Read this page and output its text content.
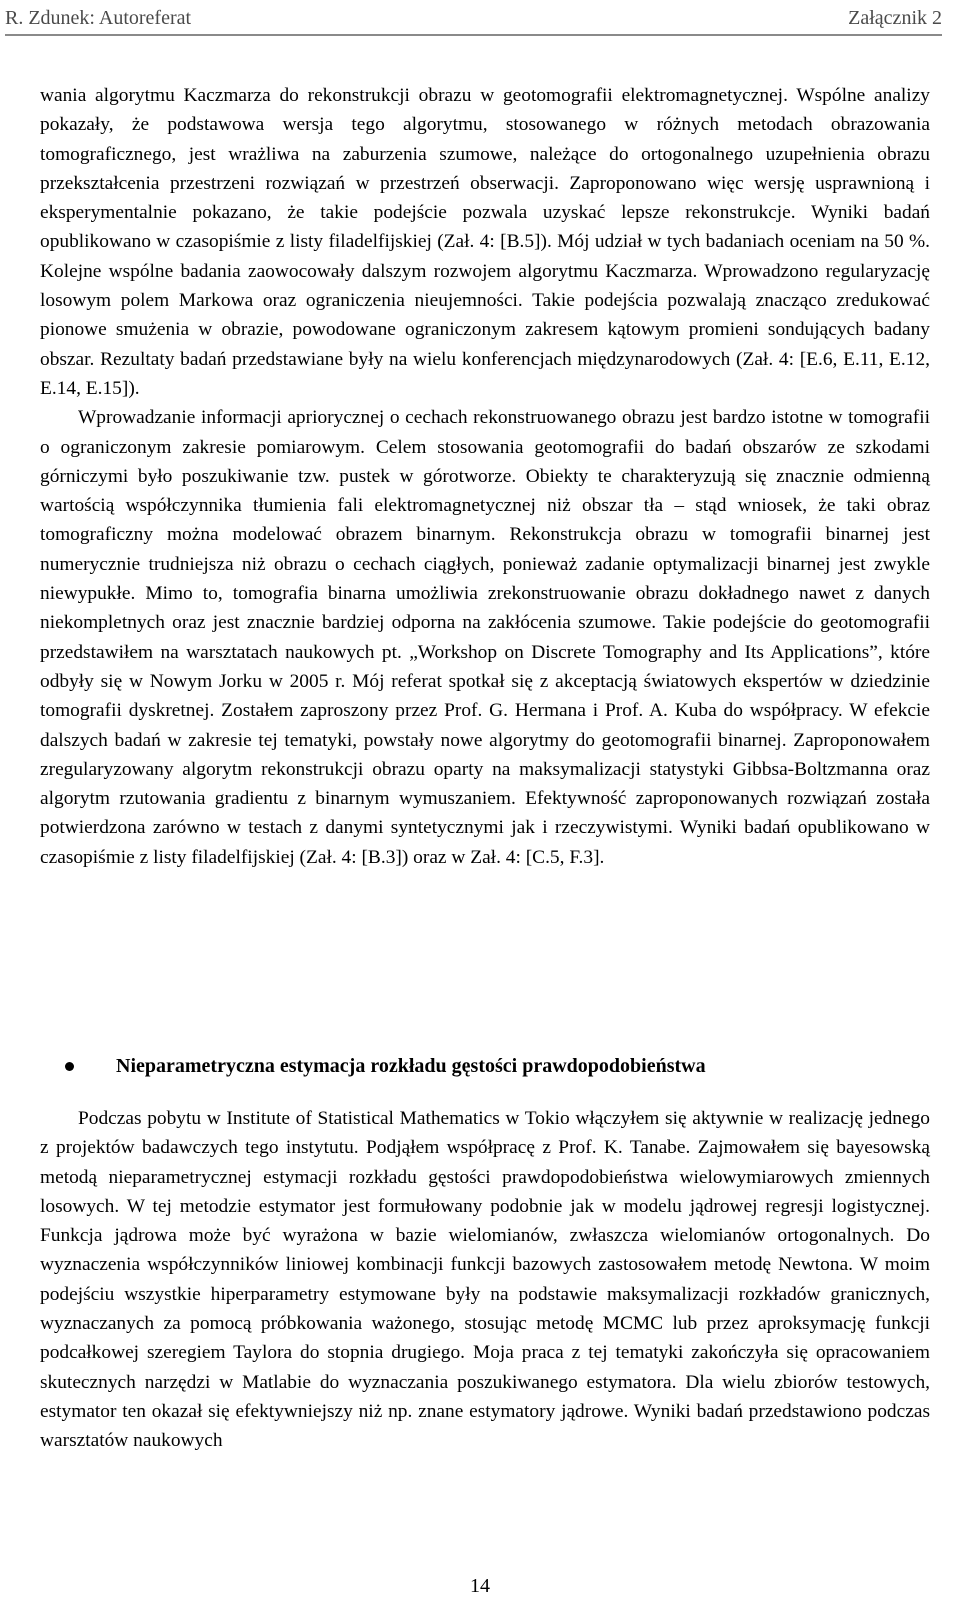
R. Zdunek: Autoreferat	Załącznik 2

wania algorytmu Kaczmarza do rekonstrukcji obrazu w geotomografii elektromagnetycznej. Wspólne analizy pokazały, że podstawowa wersja tego algorytmu, stosowanego w różnych metodach obrazowania tomograficznego, jest wrażliwa na zaburzenia szumowe, należące do ortogonalnego uzupełnienia obrazu przekształcenia przestrzeni rozwiązań w przestrzeń obserwacji. Zaproponowano więc wersję usprawnioną i eksperymentalnie pokazano, że takie podejście pozwala uzyskać lepsze rekonstrukcje. Wyniki badań opublikowano w czasopiśmie z listy filadelfijskiej (Zał. 4: [B.5]). Mój udział w tych badaniach oceniam na 50 %. Kolejne wspólne badania zaowocowały dalszym rozwojem algorytmu Kaczmarza. Wprowadzono regularyzację losowym polem Markowa oraz ograniczenia nieujemności. Takie podejścia pozwalają znacząco zredukować pionowe smużenia w obrazie, powodowane ograniczonym zakresem kątowym promieni sondujących badany obszar. Rezultaty badań przedstawiane były na wielu konferencjach międzynarodowych (Zał. 4: [E.6, E.11, E.12, E.14, E.15]).

Wprowadzanie informacji apriorycznej o cechach rekonstruowanego obrazu jest bardzo istotne w tomografii o ograniczonym zakresie pomiarowym. Celem stosowania geotomografii do badań obszarów ze szkodami górniczymi było poszukiwanie tzw. pustek w górotworze. Obiekty te charakteryzują się znacznie odmienną wartością współczynnika tłumienia fali elektromagnetycznej niż obszar tła – stąd wniosek, że taki obraz tomograficzny można modelować obrazem binarnym. Rekonstrukcja obrazu w tomografii binarnej jest numerycznie trudniejsza niż obrazu o cechach ciągłych, ponieważ zadanie optymalizacji binarnej jest zwykle niewypukłe. Mimo to, tomografia binarna umożliwia zrekonstruowanie obrazu dokładnego nawet z danych niekompletnych oraz jest znacznie bardziej odporna na zakłócenia szumowe. Takie podejście do geotomografii przedstawiłem na warsztatach naukowych pt. „Workshop on Discrete Tomography and Its Applications”, które odbyły się w Nowym Jorku w 2005 r. Mój referat spotkał się z akceptacją światowych ekspertów w dziedzinie tomografii dyskretnej. Zostałem zaproszony przez Prof. G. Hermana i Prof. A. Kuba do współpracy. W efekcie dalszych badań w zakresie tej tematyki, powstały nowe algorytmy do geotomografii binarnej. Zaproponowałem zregularyzowany algorytm rekonstrukcji obrazu oparty na maksymalizacji statystyki Gibbsa-Boltzmanna oraz algorytm rzutowania gradientu z binarnym wymuszaniem. Efektywność zaproponowanych rozwiązań została potwierdzona zarówno w testach z danymi syntetycznymi jak i rzeczywistymi. Wyniki badań opublikowano w czasopiśmie z listy filadelfijskiej (Zał. 4: [B.3]) oraz w Zał. 4: [C.5, F.3].

Nieparametryczna estymacja rozkładu gęstości prawdopodobieństwa

Podczas pobytu w Institute of Statistical Mathematics w Tokio włączyłem się aktywnie w realizację jednego z projektów badawczych tego instytutu. Podjąłem współpracę z Prof. K. Tanabe. Zajmowałem się bayesowską metodą nieparametrycznej estymacji rozkładu gęstości prawdopodobieństwa wielowymiarowych zmiennych losowych. W tej metodzie estymator jest formułowany podobnie jak w modelu jądrowej regresji logistycznej. Funkcja jądrowa może być wyrażona w bazie wielomianów, zwłaszcza wielomianów ortogonalnych. Do wyznaczenia współczynników liniowej kombinacji funkcji bazowych zastosowałem metodę Newtona. W moim podejściu wszystkie hiperparametry estymowane były na podstawie maksymalizacji rozkładów granicznych, wyznaczanych za pomocą próbkowania ważonego, stosując metodę MCMC lub przez aproksymację funkcji podcałkowej szeregiem Taylora do stopnia drugiego. Moja praca z tej tematyki zakończyła się opracowaniem skutecznych narzędzi w Matlabie do wyznaczania poszukiwanego estymatora. Dla wielu zbiorów testowych, estymator ten okazał się efektywniejszy niż np. znane estymatory jądrowe. Wyniki badań przedstawiono podczas warsztatów naukowych

14
